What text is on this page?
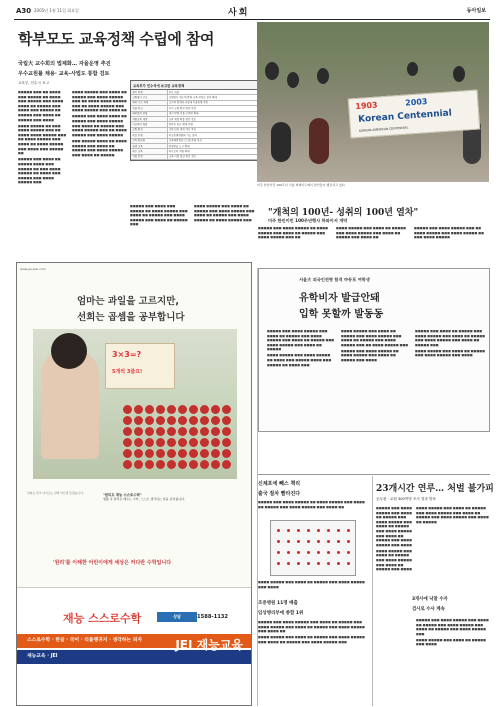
A30 2005년 1월 11일 화요일	사회	동아일보
학부모도 교육정책 수립에 참여
국립大 교수회의 법제화… 자율운영 추진
우수교원률 채용· 교육-사법도 통합 검토
교육부, 단수국 보고

■■■■■ ■■■ ■■ ■■■■ ■■■ ■■■■■ ■■ ■■■■ ■■■ ■■■■■ ■■■ ■■■■ ■■■■ ■■ ■■■■■ ■■■ ■■■■ ■■■ ■■■■■ ■■ ■■■■■ ■■■ ■■■■ ■■ ■■■■■ ■■■ ■■■■

■■■■ ■■■■■ ■■ ■■■ ■■■■ ■■■■■ ■■■ ■■ ■■■■ ■■■■ ■■■■■ ■■■ ■■ ■■■■ ■■■■■ ■■■ ■■■■ ■■ ■■■■ ■■■■■ ■■■ ■■■■ ■■■ ■■■■■ ■■

■■■■■ ■■■ ■■■■ ■■ ■■■■■ ■■■■ ■■■ ■■■■■ ■■ ■■■ ■■■■ ■■■■■ ■■ ■■■■ ■■■ ■■■■■ ■■■ ■■■■ ■■■■■ ■■■

■■■■ ■■■■■ ■■■ ■■■■ ■■ ■■■■■ ■■■ ■■■■ ■■■■■ ■■■ ■■ ■■■■ ■■■■ ■■■■■ ■■■ ■■ ■■■■ ■■■■■ ■■■ ■■■■ ■■■■■ ■■■ ■■■■ ■■

■■■■■ ■■■ ■■■■ ■■■■ ■■ ■■■■■ ■■■ ■■■■ ■■■■■ ■■■ ■■■■ ■■ ■■■■■ ■■■ ■■■■ ■■■■■ ■■■ ■■ ■■■■ ■■■■■ ■■■ ■■■■ ■■■■■

■■■ ■■■■■ ■■■■ ■■ ■■■■ ■■■■■ ■■■ ■■■■ ■■ ■■■■■ ■■■ ■■■■ ■■■■■ ■■■ ■■■■ ■■ ■■■■■

교육부가 민수석에 보고한 교육정책
창의 정책	주요 내용
교원평가 구조	교원평가 제도에 반영 교육 학부모 참여 확대
대학 구조 개혁	교수회 법제화 국립대 자율운영 추진
자율 학교	우수 교원 확보 방안 마련
대학입학 전형	내신 반영 비율 단계적 확대
지방교육 재정	교육 재정 확충 방안 검토
사교육비 경감	방과후 학교 확대 운영
교원 양성	교원 임용 체제 개선 추진
학교 운영	학교운영위원회 기능 강화
교육 정보화	교육행정정보시스템 운영 개선
평생 교육	평생학습 도시 확대
특수 교육	특수교육 지원 확대
사법 연계	교육-사법 통합 방안 검토

■■■■■ ■■■ ■■■■ ■■■ ■■■■■ ■■ ■■■■ ■■■■■ ■■■ ■■■■ ■■ ■■■■■ ■■■ ■■■■ ■■■■■ ■■■ ■■■■ ■■ ■■■■■ ■■■

■■■■ ■■■■■ ■■■ ■■■■ ■■ ■■■■■ ■■■ ■■■■ ■■■■■ ■■■ ■■■■ ■■ ■■■■■ ■■■ ■■■■ ■■■■■ ■■ ■■■■ ■■■■■ ■■■

1903	2003
Korean Centennial
KOREAN-AMERICAN CENTENNIAL
미주 한인이민 100주년 기념 퍼레이드에서 한인들이 행진하고 있다.
"개척의 100년- 성취의 100년 열차"
미주 한인이민 100주년행사 하와이서 개막

■■■■■ ■■■ ■■■■ ■■■■■ ■■ ■■■■ ■■■■■ ■■■ ■■■■ ■■ ■■■■■ ■■■ ■■■■ ■■■■■ ■■■ ■■

■■■■ ■■■■■ ■■■ ■■■■ ■■ ■■■■■ ■■■ ■■■■ ■■■■■ ■■■ ■■■■ ■■ ■■■■■ ■■■ ■■■■ ■■

■■■■■ ■■■ ■■■■ ■■■■■ ■■■ ■■ ■■■■ ■■■■■ ■■■ ■■■■ ■■■■■ ■■ ■■■ ■■■■ ■■■■■

www.jei-edu.com
엄마는 과일을 고르지만,
선희는 곱셈을 공부합니다
3×3=?
5개씩 3줄요!
선희는 학교 다녀오는 길에 마트에 들렀습니다.	"원리도 재능 스스로수학"
생활 속 원리로 배우는 수학, 스스로 생각하는 힘을 길러줍니다.
'원리'를 이해한 어린이에게 세상은 커다란 수학입니다
재능 스스로수학	상담	1588-1132
스스로수학 · 한글 · 국어 · 리틀랭귀지 · 생각하는 피자
재능교육 · JEI
JEI 재능교육
서울大 외국인전형 합격 中동포 여학생
유학비자 발급안돼
입학 못할까 발동동

■■■■■ ■■■ ■■■■ ■■■■■ ■■■ ■■■■ ■■ ■■■■■ ■■■ ■■■■ ■■■■■ ■■■ ■■■■ ■■ ■■■■■ ■■■ ■■■■ ■■■■■ ■■■ ■■■■ ■■ ■■■■■

■■■■ ■■■■■ ■■■ ■■■■ ■■■■■ ■■ ■■■■ ■■■ ■■■■■ ■■■■ ■■■ ■■■■■ ■■ ■■■■ ■■■

■■■■ ■■■■■ ■■■ ■■■■ ■■ ■■■■■ ■■■ ■■■■ ■■■■■ ■■■ ■■■■ ■■ ■■■■■ ■■■ ■■■■ ■■■■■ ■■■ ■■ ■■■■ ■■■■■ ■■■

■■■■■ ■■■ ■■■■ ■■■■■ ■■ ■■■■ ■■■■■ ■■■ ■■■■ ■■ ■■■■■ ■■■ ■■■■

■■■■■ ■■■ ■■■■ ■■ ■■■■■ ■■■ ■■■■ ■■■■■ ■■■ ■■■■ ■■ ■■■■■ ■■■ ■■■■ ■■■■■ ■■■ ■■■■ ■■ ■■■■■ ■■■

■■■■ ■■■■■ ■■■ ■■■■ ■■ ■■■■■ ■■■ ■■■■ ■■■■■ ■■■ ■■■■

신체포에 빼스 책리
출국 절차 빨라진다

■■■■■ ■■■ ■■■■ ■■■■■ ■■ ■■■■ ■■■■■ ■■■ ■■■■ ■■ ■■■■■ ■■■ ■■■■ ■■■■■ ■■■ ■■■■ ■■

■■■■ ■■■■■ ■■■ ■■■■ ■■ ■■■■■ ■■■ ■■■■ ■■■■■ ■■■ ■■■■

조중병원 11명 배출
임상병리부에 종합 1위

■■■■■ ■■■ ■■■■ ■■■■■ ■■■ ■■■■ ■■ ■■■■■ ■■■ ■■■■ ■■■■■ ■■■ ■■■■ ■■ ■■■■■ ■■■ ■■■■ ■■■■■ ■■■ ■■■■ ■■

■■■■ ■■■■■ ■■■ ■■■■ ■■ ■■■■■ ■■■ ■■■■ ■■■■■ ■■■ ■■■■ ■■ ■■■■■ ■■■ ■■■■ ■■■■■ ■■■

23개시간 연루… 처벌 불가피
공무원 · 교원 300여명 조사 결과 발표

■■■■■ ■■■ ■■■■ ■■■■■ ■■■ ■■■■ ■■ ■■■■■ ■■■ ■■■■ ■■■■■ ■■■ ■■■■ ■■ ■■■■■ ■■■ ■■■■ ■■■■■ ■■■ ■■■■ ■■ ■■■■■ ■■■ ■■■■ ■■■■■ ■■■ ■■■■

■■■■ ■■■■■ ■■■ ■■■■ ■■ ■■■■■ ■■■ ■■■■ ■■■■■ ■■■ ■■■■ ■■ ■■■■■ ■■■ ■■■■

■■■■ ■■■■■ ■■■ ■■■■ ■■ ■■■■■ ■■■ ■■■■ ■■■■■ ■■■ ■■■■ ■■ ■■■■■ ■■■ ■■■■ ■■■■■ ■■■ ■■■■ ■■ ■■■■■

3개사에 낙찰 수자
검사로 수사 계속

■■■■■ ■■■ ■■■■ ■■■■■ ■■■ ■■■■ ■■ ■■■■■ ■■■ ■■■■ ■■■■■ ■■■ ■■■■ ■■ ■■■■■ ■■■ ■■■■ ■■■■■ ■■■

■■■■ ■■■■■ ■■■ ■■■■ ■■ ■■■■■ ■■■ ■■■■
